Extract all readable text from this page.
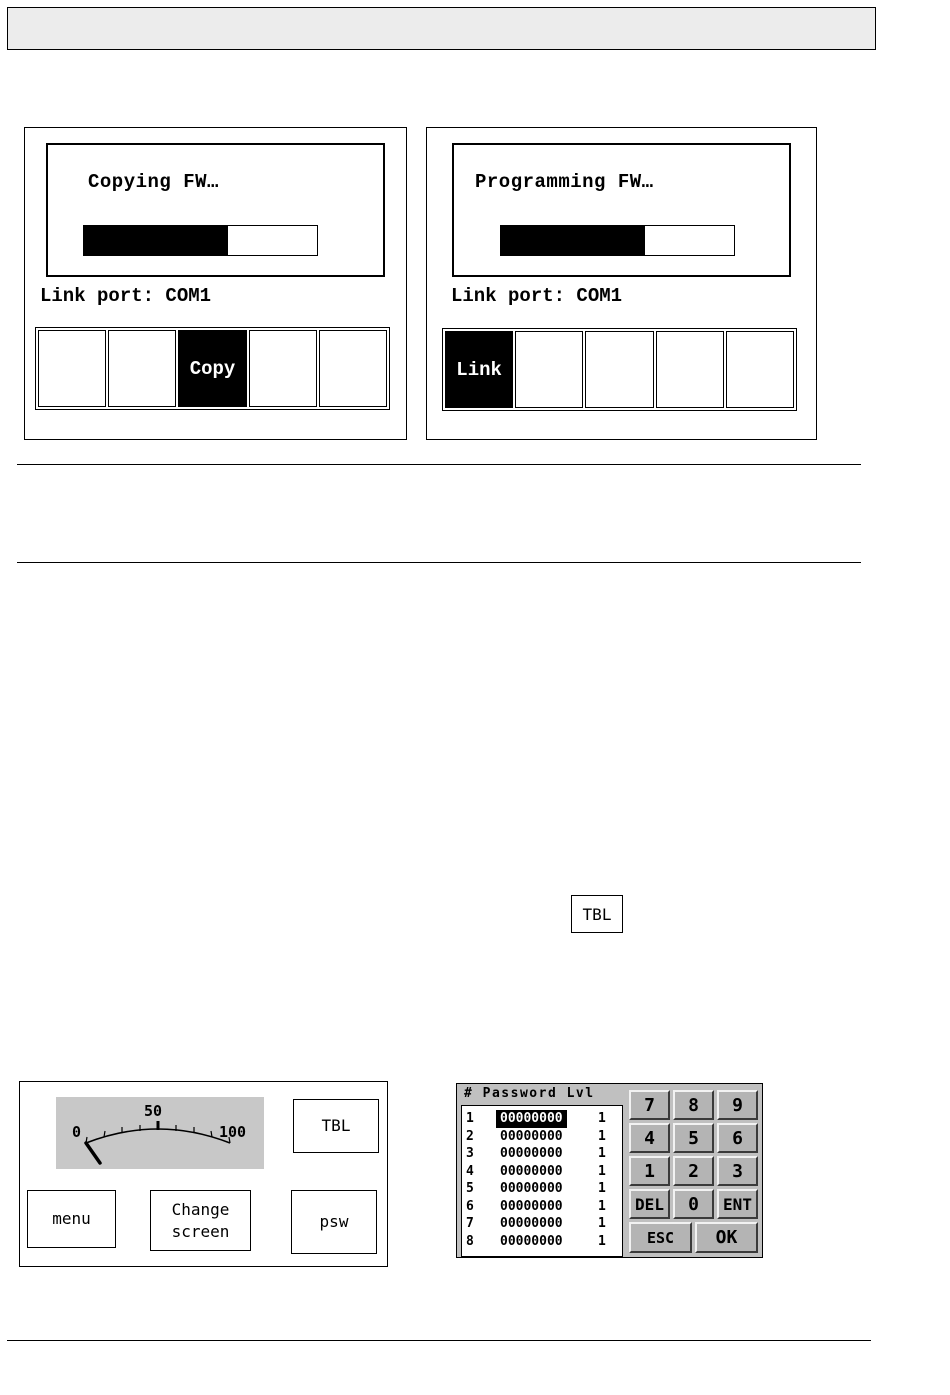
Copying FW…
Link port: COM1
Copy
Programming FW…
Link port: COM1
Link
TBL
0
50
100	TBL
menu	Change
screen	psw
# Password Lvl
1	00000000	1
2	00000000	1
3	00000000	1
4	00000000	1
5	00000000	1
6	00000000	1
7	00000000	1
8	00000000	1
7	8	9
4	5	6
1	2	3
DEL	0	ENT
ESC	OK
